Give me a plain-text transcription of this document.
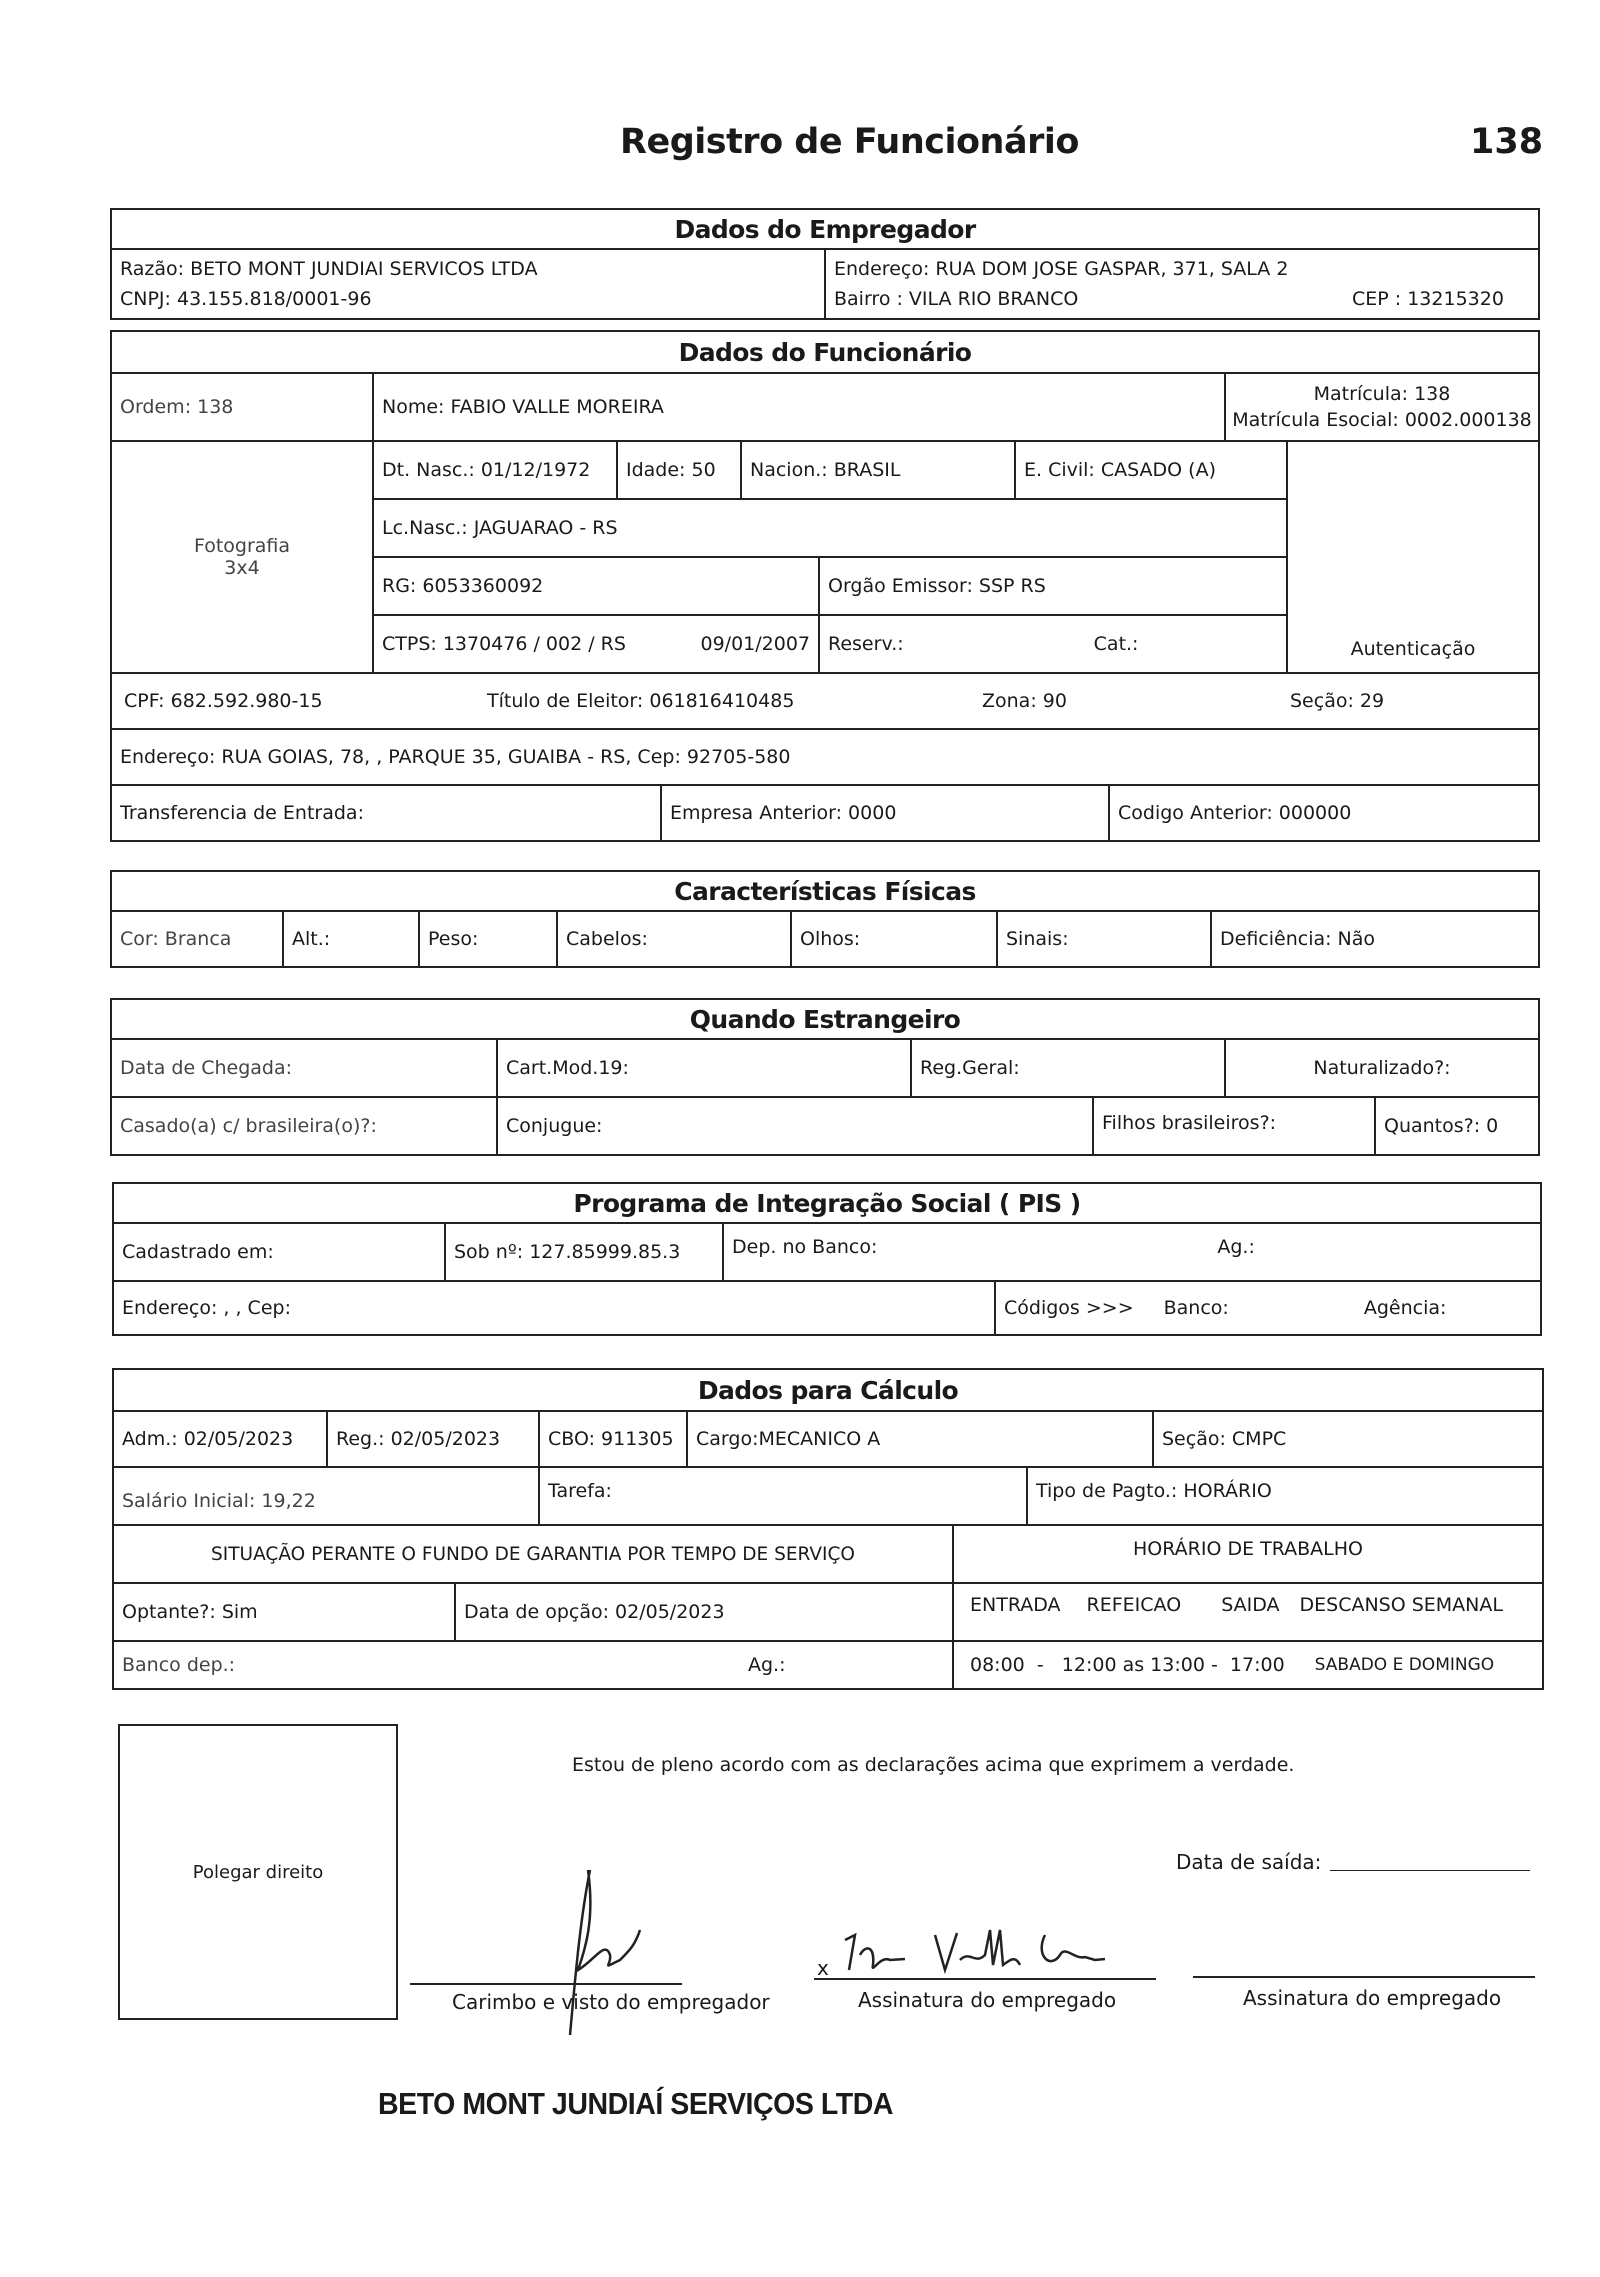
Registro de Funcionário	138
Dados do Empregador
Razão: BETO MONT JUNDIAI SERVICOS LTDA
CNPJ: 43.155.818/0001-96
Endereço: RUA DOM JOSE GASPAR, 371, SALA 2
Bairro : VILA RIO BRANCO	CEP : 13215320
Dados do Funcionário
Ordem: 138	Nome: FABIO VALLE MOREIRA
Matrícula: 138
Matrícula Esocial: 0002.000138
Fotografia
3x4
Dt. Nasc.: 01/12/1972	Idade: 50	Nacion.: BRASIL	E. Civil: CASADO (A)
Autenticação
Lc.Nasc.: JAGUARAO - RS
RG: 6053360092	Orgão Emissor: SSP RS
CTPS: 1370476 / 002 / RS	09/01/2007 Reserv.:	Cat.:
CPF: 682.592.980-15	Título de Eleitor: 061816410485	Zona: 90	Seção: 29
Endereço: RUA GOIAS, 78, , PARQUE 35, GUAIBA - RS, Cep: 92705-580
Transferencia de Entrada:	Empresa Anterior: 0000	Codigo Anterior: 000000
Características Físicas
Cor: Branca	Alt.:	Peso:	Cabelos:	Olhos:	Sinais:	Deficiência: Não
Quando Estrangeiro
Data de Chegada:	Cart.Mod.19:	Reg.Geral:	Naturalizado?:
Casado(a) c/ brasileira(o)?:	Conjugue:	Filhos brasileiros?:	Quantos?: 0
Programa de Integração Social ( PIS )
Cadastrado em:	Sob nº: 127.85999.85.3	Dep. no Banco:	Ag.:
Endereço: , , Cep:	Códigos >>> Banco:	Agência:
Dados para Cálculo
Adm.: 02/05/2023	Reg.: 02/05/2023	CBO: 911305	Cargo:MECANICO A	Seção: CMPC
Salário Inicial: 19,22	Tarefa:	Tipo de Pagto.: HORÁRIO
SITUAÇÃO PERANTE O FUNDO DE GARANTIA POR TEMPO DE SERVIÇO	HORÁRIO DE TRABALHO
Optante?: Sim	Data de opção: 02/05/2023	ENTRADA REFEICAO SAIDA DESCANSO SEMANAL
Banco dep.:	Ag.:	08:00  -   12:00 as 13:00 -  17:00 SABADO E DOMINGO
Polegar direito
Estou de pleno acordo com as declarações acima que exprimem a verdade.
Data de saída:
Carimbo e visto do empregador
x
Assinatura do empregado	Assinatura do empregado
BETO MONT JUNDIAÍ SERVIÇOS LTDA
